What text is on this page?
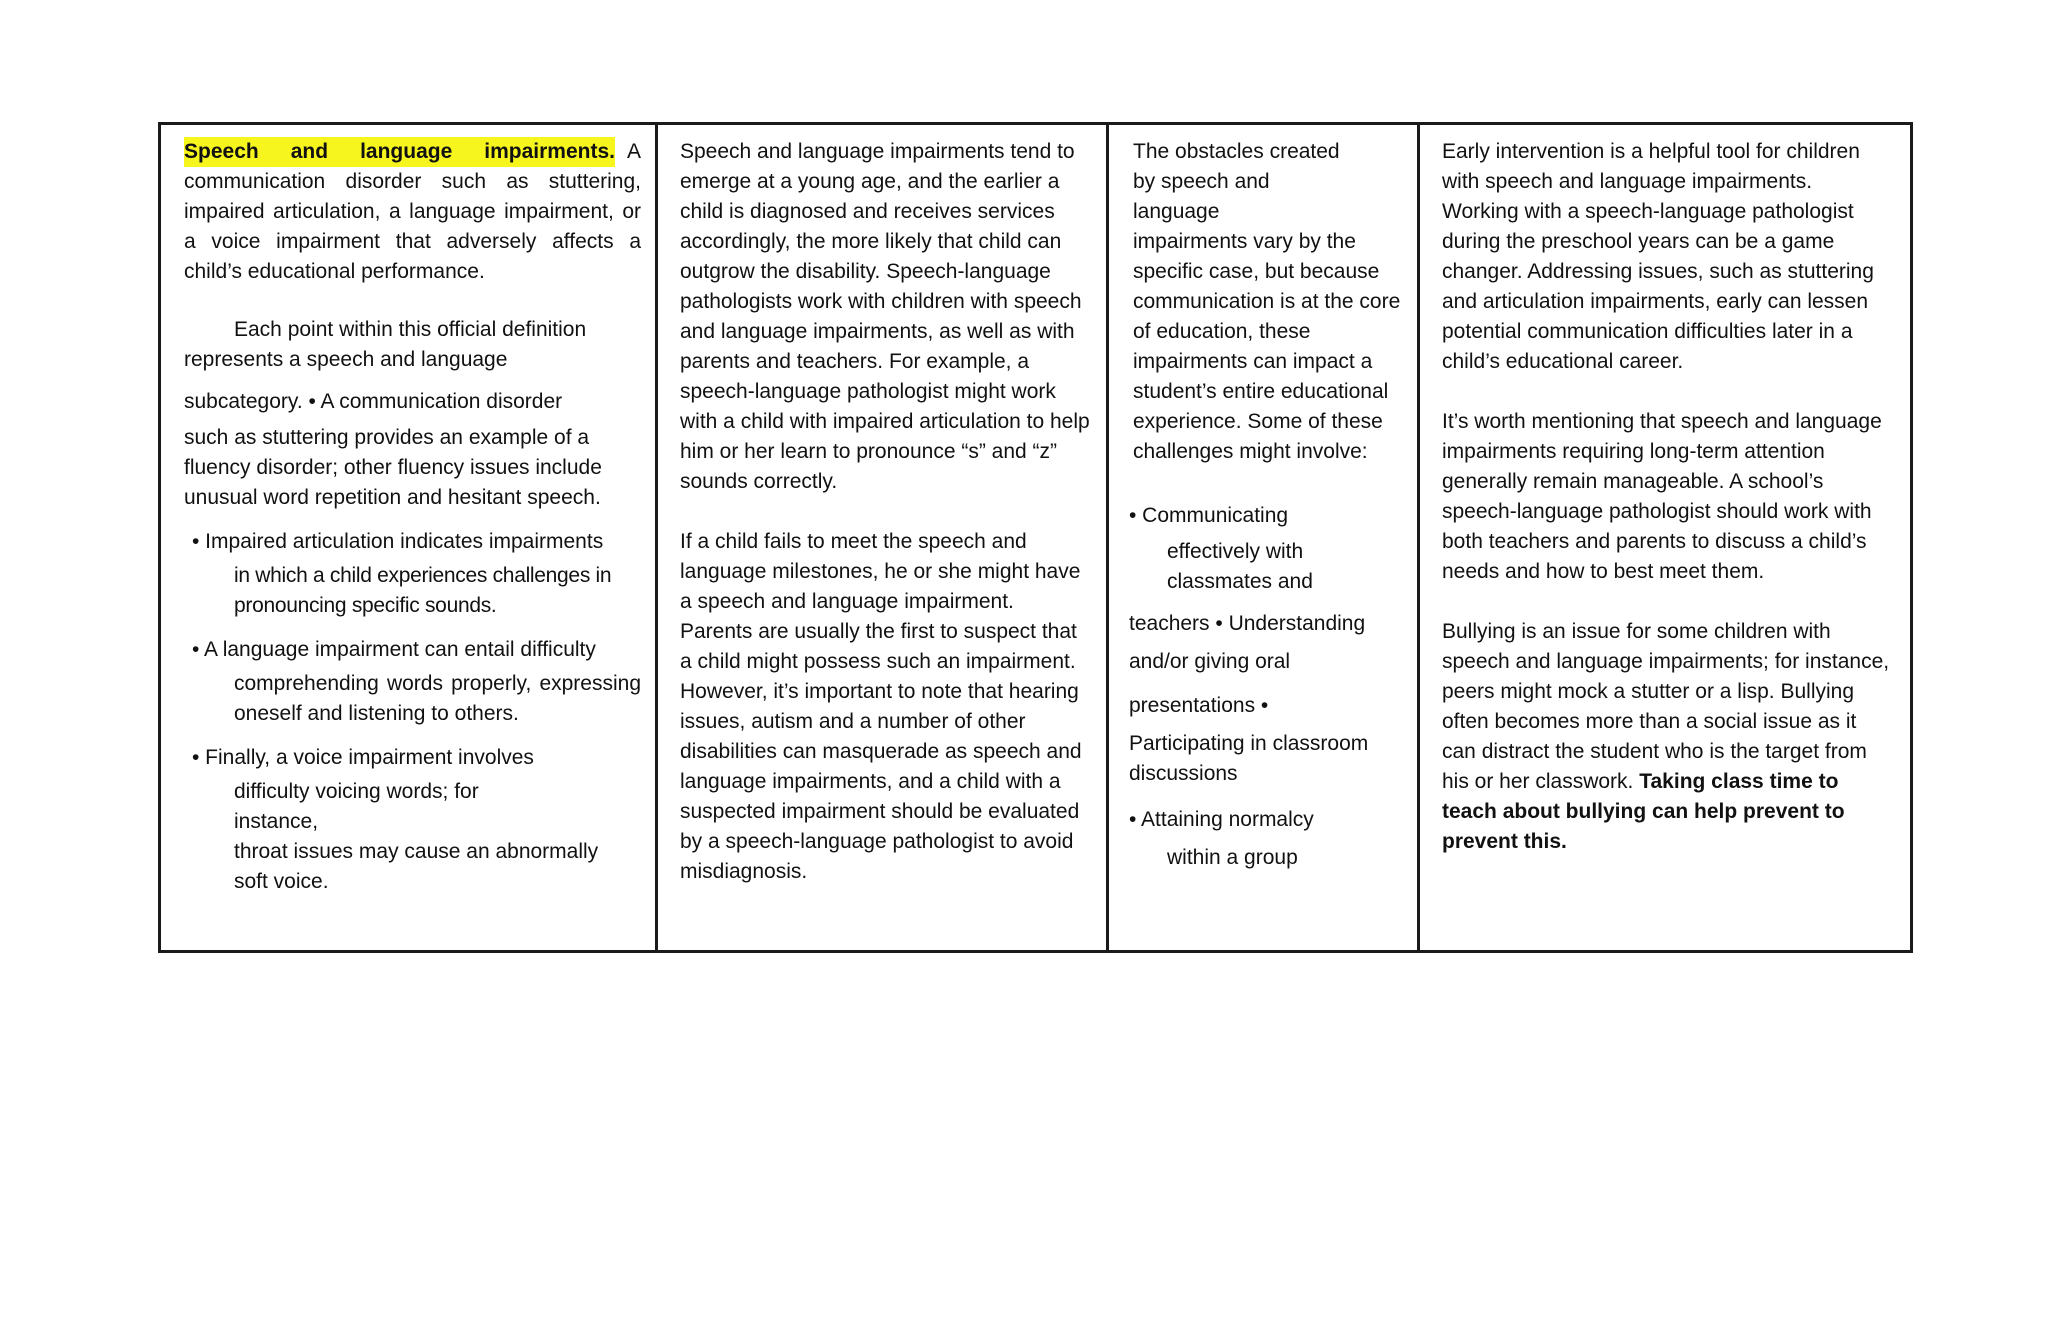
Speech and language impairments. A

communication disorder such as stuttering, impaired articulation, a language impairment, or a voice impairment that adversely affects a child’s educational performance.

Each point within this official definition

represents a speech and language

subcategory. • A communication disorder

such as stuttering provides an example of a fluency disorder; other fluency issues include unusual word repetition and hesitant speech.

• Impaired articulation indicates impairments

in which a child experiences challenges in pronouncing specific sounds.

• A language impairment can entail difficulty

comprehending words properly, expressing oneself and listening to others.

• Finally, a voice impairment involves

difficulty voicing words; for

instance,

throat issues may cause an abnormally

soft voice.

Speech and language impairments tend to emerge at a young age, and the earlier a child is diagnosed and receives services accordingly, the more likely that child can outgrow the disability. Speech-language pathologists work with children with speech and language impairments, as well as with parents and teachers. For example, a speech-language pathologist might work with a child with impaired articulation to help him or her learn to pronounce “s” and “z” sounds correctly.

If a child fails to meet the speech and language milestones, he or she might have a speech and language impairment. Parents are usually the first to suspect that a child might possess such an impairment. However, it’s important to note that hearing issues, autism and a number of other disabilities can masquerade as speech and language impairments, and a child with a suspected impairment should be evaluated by a speech-language pathologist to avoid misdiagnosis.

The obstacles created

by speech and

language

impairments vary by the specific case, but because communication is at the core of education, these impairments can impact a student’s entire educational experience. Some of these challenges might involve:

• Communicating

effectively with

classmates and

teachers • Understanding

and/or giving oral

presentations •

Participating in classroom

discussions

• Attaining normalcy

within a group

Early intervention is a helpful tool for children with speech and language impairments. Working with a speech-language pathologist during the preschool years can be a game changer. Addressing issues, such as stuttering and articulation impairments, early can lessen potential communication difficulties later in a child’s educational career.

It’s worth mentioning that speech and language impairments requiring long-term attention generally remain manageable. A school’s speech-language pathologist should work with both teachers and parents to discuss a child’s needs and how to best meet them.

Bullying is an issue for some children with speech and language impairments; for instance, peers might mock a stutter or a lisp. Bullying often becomes more than a social issue as it can distract the student who is the target from his or her classwork. Taking class time to teach about bullying can help prevent to prevent this.
